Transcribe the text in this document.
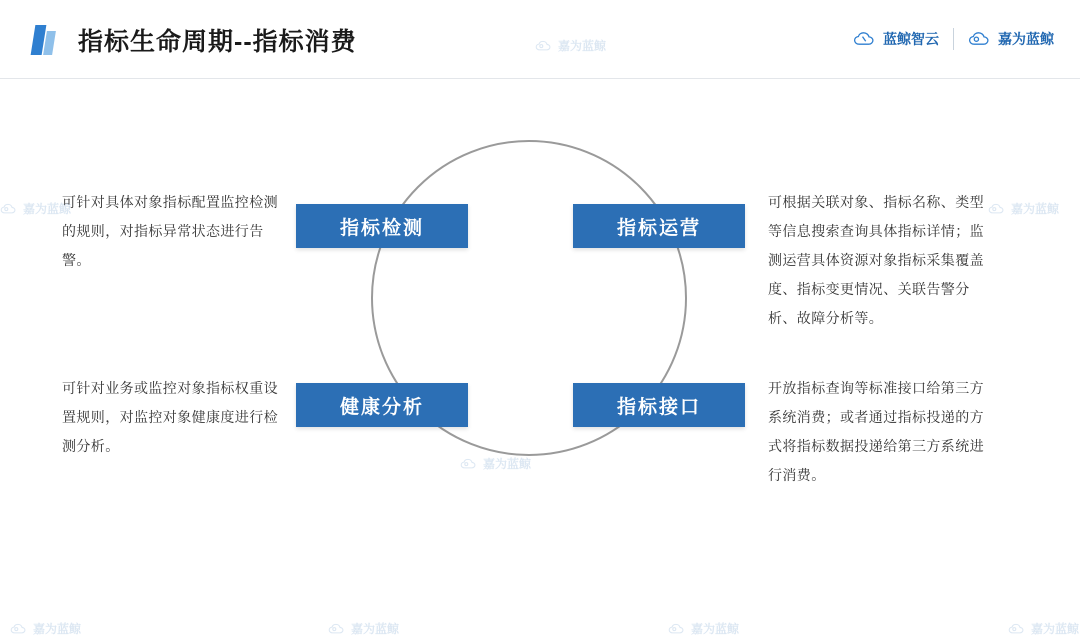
指标生命周期--指标消费	蓝鲸智云	嘉为蓝鲸
指标检测	指标运营
健康分析	指标接口
可针对具体对象指标配置监控检测的规则，对指标异常状态进行告警。
可根据关联对象、指标名称、类型等信息搜索查询具体指标详情；监测运营具体资源对象指标采集覆盖度、指标变更情况、关联告警分析、故障分析等。
可针对业务或监控对象指标权重设置规则，对监控对象健康度进行检测分析。
开放指标查询等标准接口给第三方系统消费；或者通过指标投递的方式将指标数据投递给第三方系统进行消费。
嘉为蓝鲸
嘉为蓝鲸	嘉为蓝鲸
嘉为蓝鲸
嘉为蓝鲸	嘉为蓝鲸	嘉为蓝鲸	嘉为蓝鲸
